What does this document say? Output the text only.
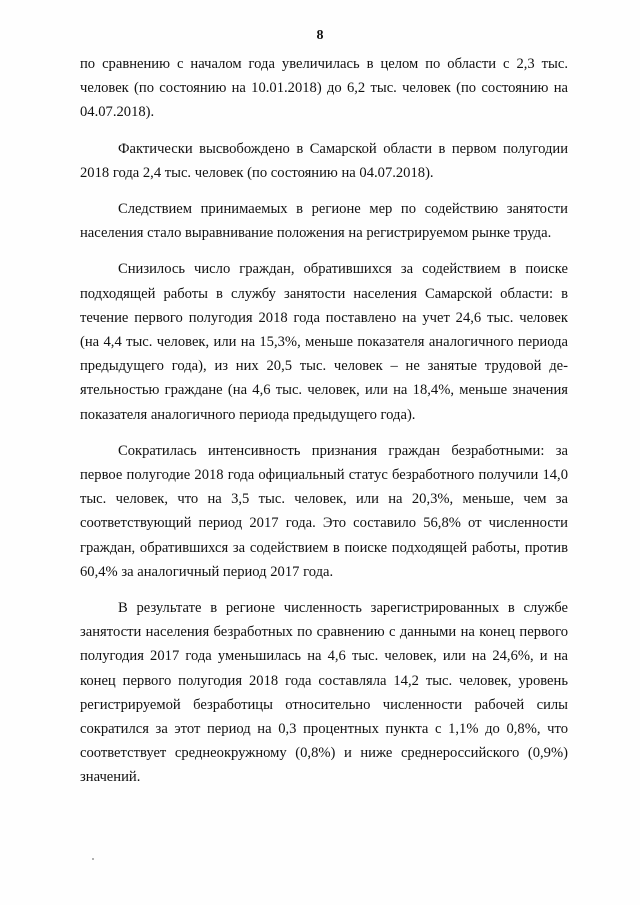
8

по сравнению с началом года увеличилась в целом по области с 2,3 тыс. человек (по состоянию на 10.01.2018) до 6,2 тыс. человек (по состоянию на 04.07.2018).

Фактически высвобождено в Самарской области в первом полугодии 2018 года 2,4 тыс. человек (по состоянию на 04.07.2018).

Следствием принимаемых в регионе мер по содействию занятости населения стало выравнивание положения на регистрируемом рынке труда.

Снизилось число граждан, обратившихся за содействием в поиске подходящей работы в службу занятости населения Самарской области: в течение первого полугодия 2018 года поставлено на учет 24,6 тыс. человек (на 4,4 тыс. человек, или на 15,3%, меньше показателя аналогичного периода предыдущего года), из них 20,5 тыс. человек – не занятые трудовой деятельностью граждане (на 4,6 тыс. человек, или на 18,4%, меньше значения показателя аналогичного периода предыдущего года).

Сократилась интенсивность признания граждан безработными: за первое полугодие 2018 года официальный статус безработного получили 14,0 тыс. человек, что на 3,5 тыс. человек, или на 20,3%, меньше, чем за соответствующий период 2017 года. Это составило 56,8% от численности граждан, обратившихся за содействием в поиске подходящей работы, против 60,4% за аналогичный период 2017 года.

В результате в регионе численность зарегистрированных в службе занятости населения безработных по сравнению с данными на конец первого полугодия 2017 года уменьшилась на 4,6 тыс. человек, или на 24,6%, и на конец первого полугодия 2018 года составляла 14,2 тыс. человек, уровень регистрируемой безработицы относительно численности рабочей силы сократился за этот период на 0,3 процентных пункта с 1,1% до 0,8%, что соответствует среднеокружному (0,8%) и ниже среднероссийского (0,9%) значений.
